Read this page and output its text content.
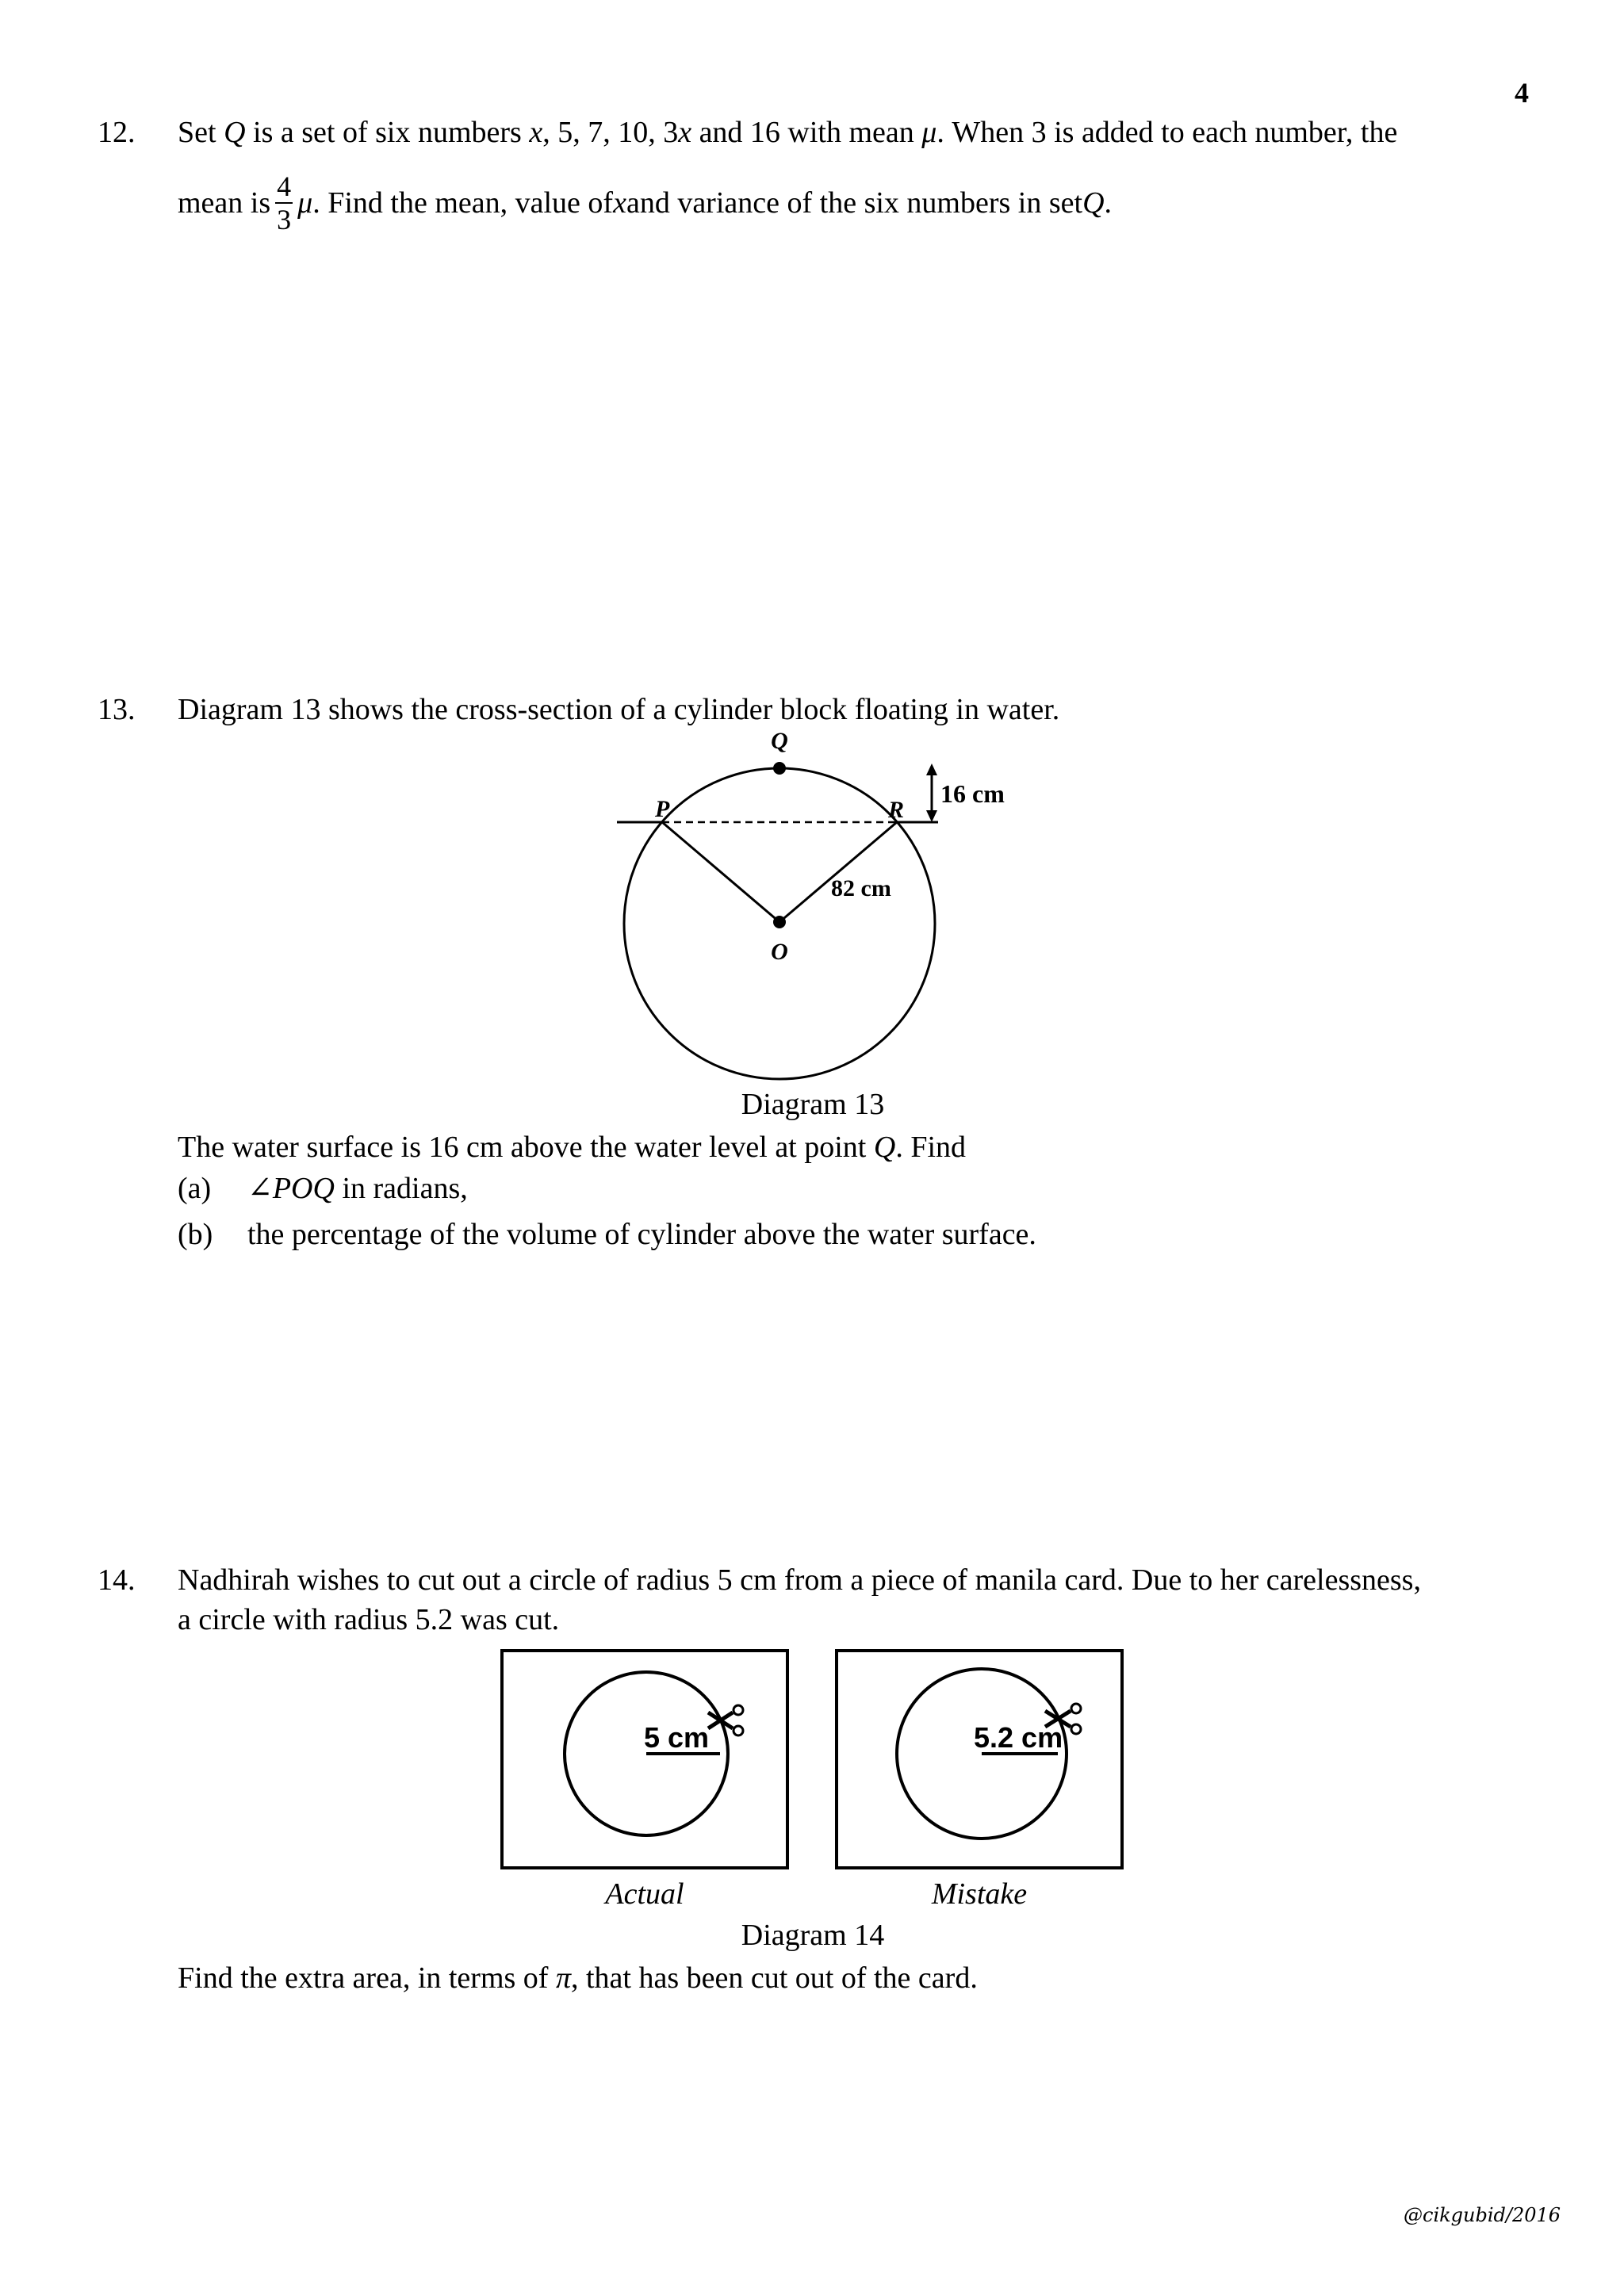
4
12. Set Q is a set of six numbers x, 5, 7, 10, 3x and 16 with mean μ. When 3 is added to each number, the
mean is $\frac{4}{3}$ μ . Find the mean, value of x and variance of the six numbers in set Q .
13. Diagram 13 shows the cross-section of a cylinder block floating in water.
Q
P	R
O
16 cm
82 cm
Diagram 13
The water surface is 16 cm above the water level at point Q. Find
(a) ∠POQ in radians,
(b) the percentage of the volume of cylinder above the water surface.
14. Nadhirah wishes to cut out a circle of radius 5 cm from a piece of manila card. Due to her carelessness,
a circle with radius 5.2 was cut.
5 cm	5.2 cm
Actual	Mistake
Diagram 14
Find the extra area, in terms of π, that has been cut out of the card.
@cikgubid/2016
